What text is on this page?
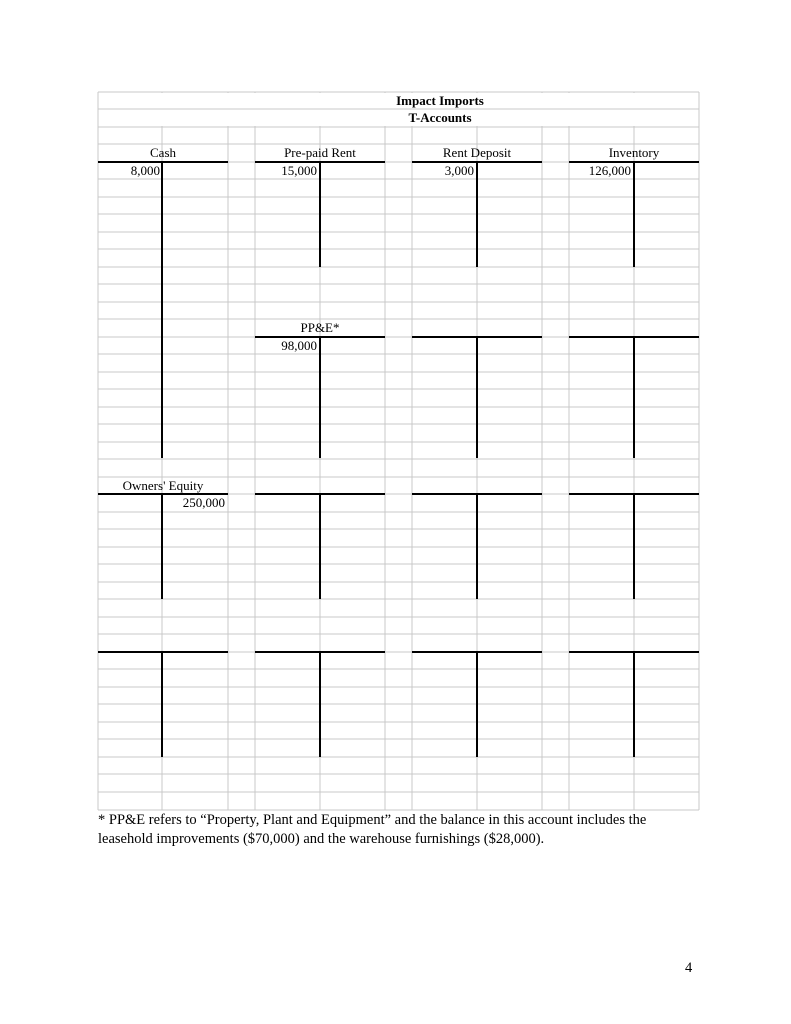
Impact Imports
T-Accounts
Cash	Pre-paid Rent	Rent Deposit	Inventory
8,000	15,000	3,000	126,000
PP&E*
98,000
Owners' Equity
250,000
* PP&E refers to “Property, Plant and Equipment” and the balance in this account includes the leasehold improvements ($70,000) and the warehouse furnishings ($28,000).
4
